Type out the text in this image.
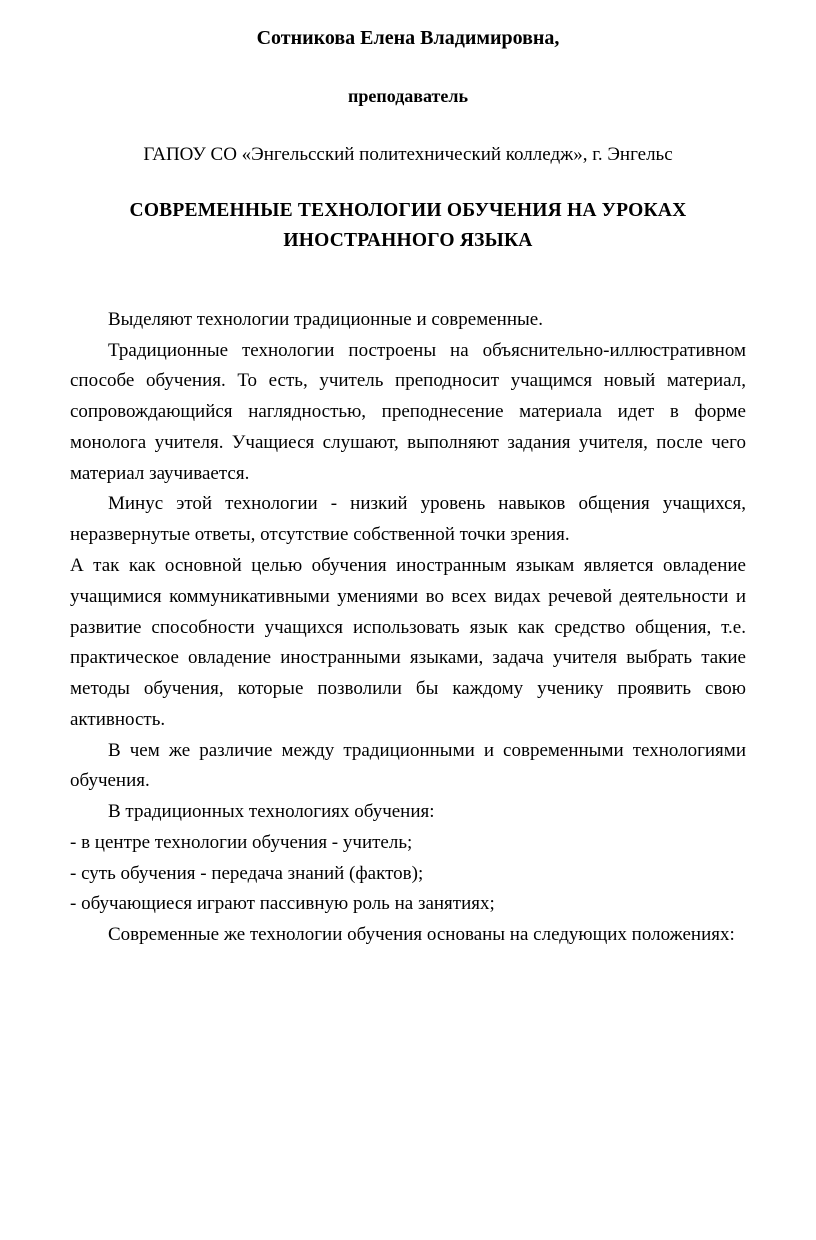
Сотникова Елена Владимировна,
преподаватель
ГАПОУ СО «Энгельсский политехнический колледж», г. Энгельс
СОВРЕМЕННЫЕ ТЕХНОЛОГИИ ОБУЧЕНИЯ НА УРОКАХ
ИНОСТРАННОГО ЯЗЫКА

Выделяют технологии традиционные и современные.

Традиционные технологии построены на объяснительно-иллюстративном способе обучения. То есть, учитель преподносит учащимся новый материал, сопровождающийся наглядностью, преподнесение материала идет в форме монолога учителя. Учащиеся слушают, выполняют задания учителя, после чего материал заучивается.

Минус этой технологии - низкий уровень навыков общения учащихся, неразвернутые ответы, отсутствие собственной точки зрения.

А так как основной целью обучения иностранным языкам является овладение учащимися коммуникативными умениями во всех видах речевой деятельности и развитие способности учащихся использовать язык как средство общения, т.е. практическое овладение иностранными языками, задача учителя выбрать такие методы обучения, которые позволили бы каждому ученику проявить свою активность.

В чем же различие между традиционными и современными технологиями обучения.

В традиционных технологиях обучения:

- в центре технологии обучения - учитель;

- суть обучения - передача знаний (фактов);

- обучающиеся играют пассивную роль на занятиях;

Современные же технологии обучения основаны на следующих положениях:
